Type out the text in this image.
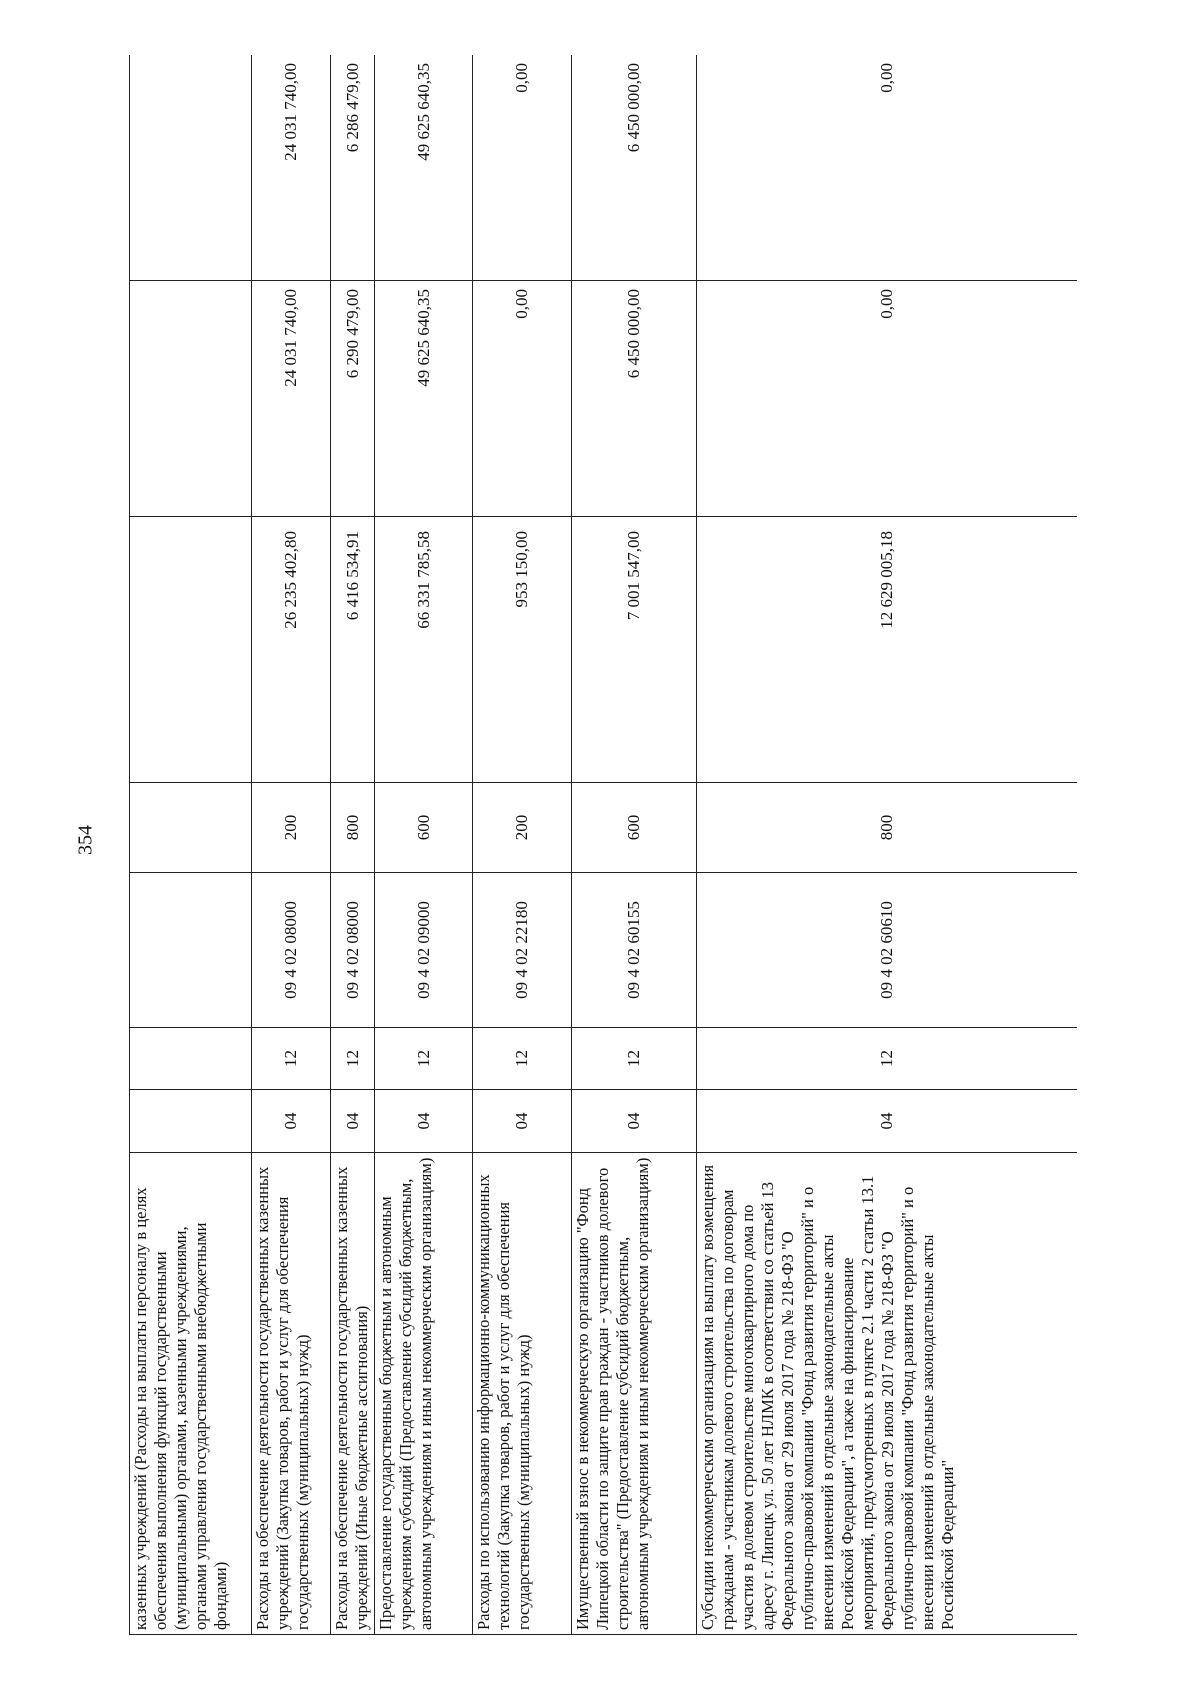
354
казенных учреждений (Расходы на выплаты персоналу в целях обеспечения выполнения функций государственными (муниципальными) органами, казенными учреждениями, органами управления государственными внебюджетными фондами)							
Расходы на обеспечение деятельности государственных казенных учреждений (Закупка товаров, работ и услуг для обеспечения государственных (муниципальных) нужд)	04	12	09 4 02 08000	200	26 235 402,80	24 031 740,00	24 031 740,00
Расходы на обеспечение деятельности государственных казенных учреждений (Иные бюджетные ассигнования)	04	12	09 4 02 08000	800	6 416 534,91	6 290 479,00	6 286 479,00
Предоставление государственным бюджетным и автономным учреждениям субсидий (Предоставление субсидий бюджетным, автономным учреждениям и иным некоммерческим организациям)	04	12	09 4 02 09000	600	66 331 785,58	49 625 640,35	49 625 640,35
Расходы по использованию информационно-коммуникационных технологий (Закупка товаров, работ и услуг для обеспечения государственных (муниципальных) нужд)	04	12	09 4 02 22180	200	953 150,00	0,00	0,00
Имущественный взнос в некоммерческую организацию "Фонд Липецкой области по защите прав граждан - участников долевого строительства" (Предоставление субсидий бюджетным, автономным учреждениям и иным некоммерческим организациям)	04	12	09 4 02 60155	600	7 001 547,00	6 450 000,00	6 450 000,00
Субсидии некоммерческим организациям на выплату возмещения гражданам - участникам долевого строительства по договорам участия в долевом строительстве многоквартирного дома по адресу г. Липецк ул. 50 лет НЛМК в соответствии со статьей 13 Федерального закона от 29 июля 2017 года № 218-ФЗ "О публично-правовой компании "Фонд развития территорий" и о внесении изменений в отдельные законодательные акты Российской Федерации", а также на финансирование мероприятий, предусмотренных в пункте 2.1 части 2 статьи 13.1 Федерального закона от 29 июля 2017 года № 218-ФЗ "О публично-правовой компании "Фонд развития территорий" и о внесении изменений в отдельные законодательные акты Российской Федерации"	04	12	09 4 02 60610	800	12 629 005,18	0,00	0,00
